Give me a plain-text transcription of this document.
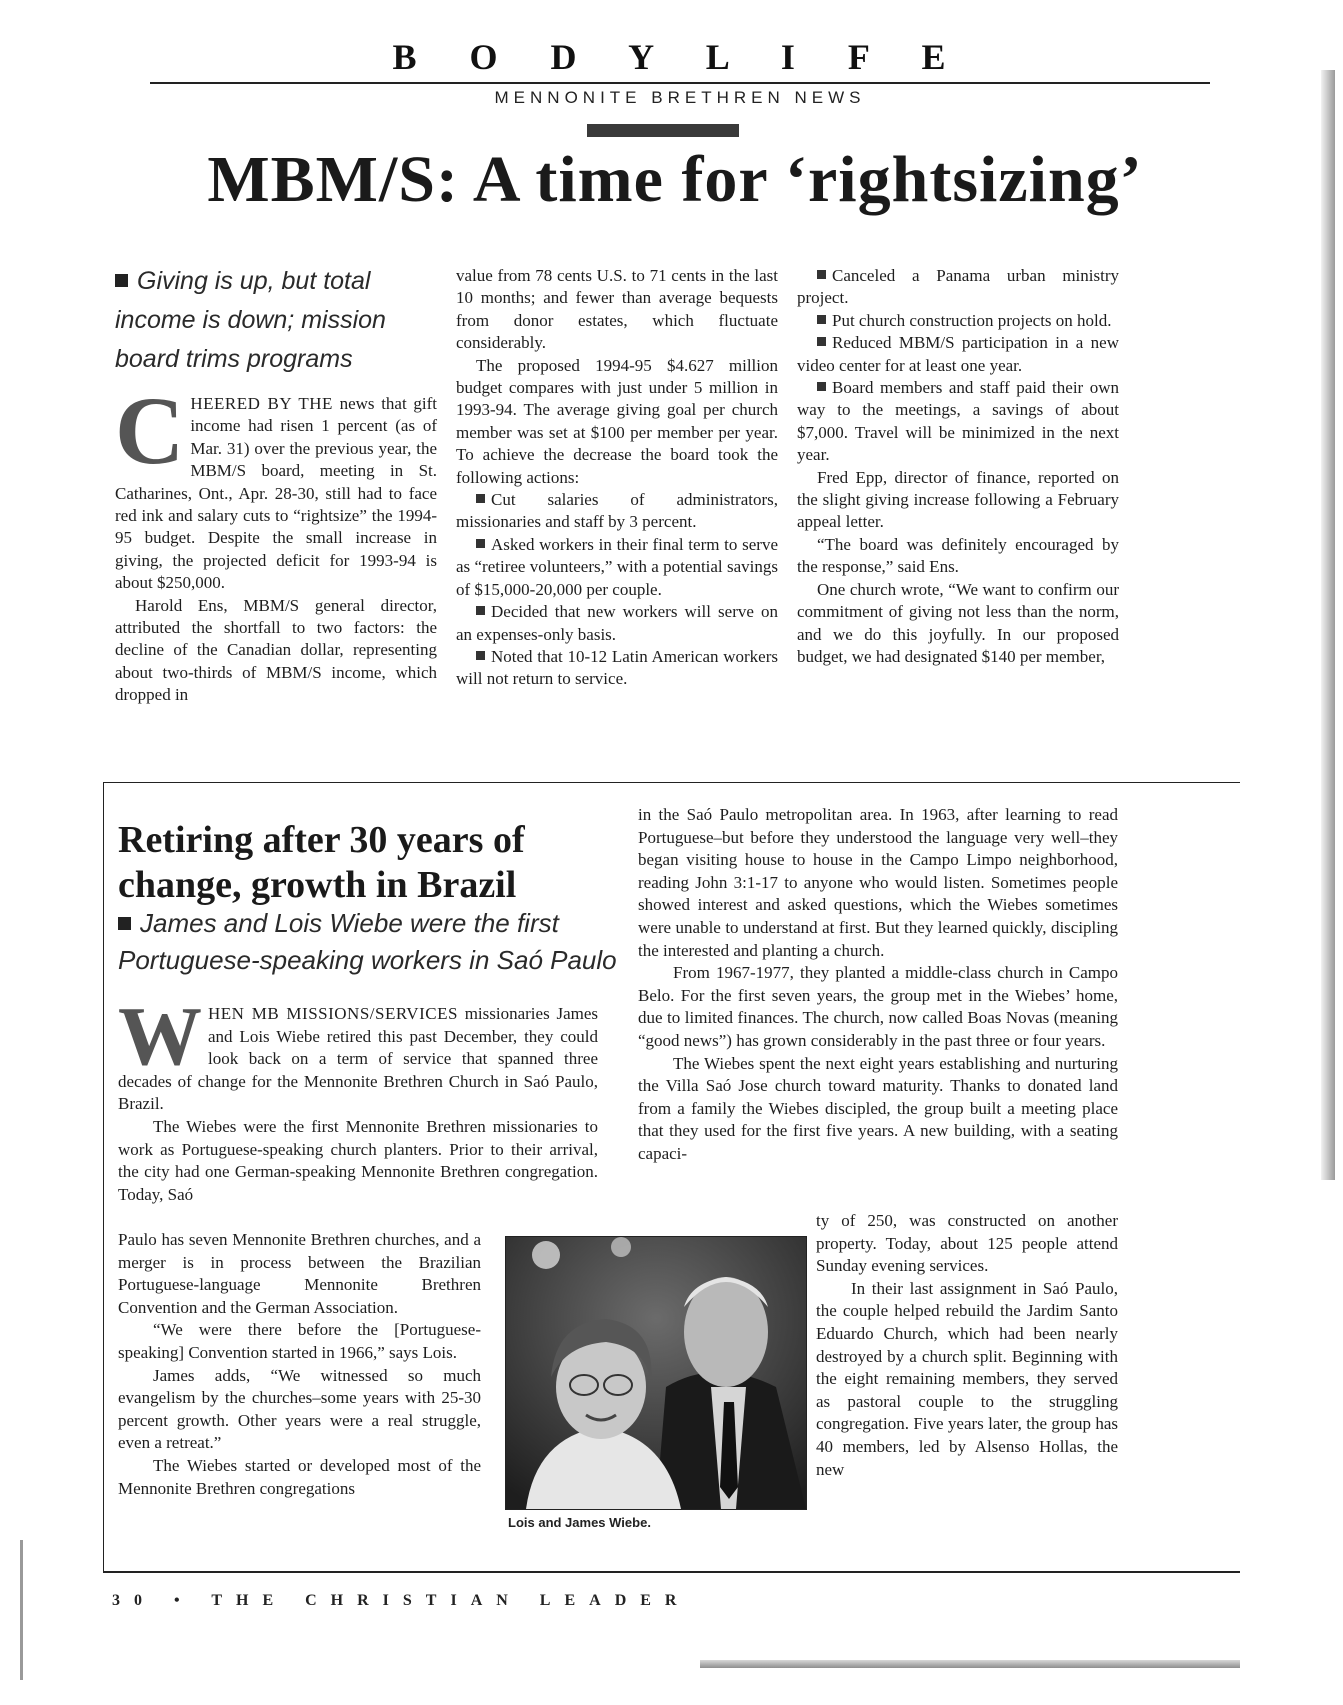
B O D Y L I F E
MENNONITE BRETHREN NEWS
MBM/S: A time for ‘rightsizing’
Giving is up, but total income is down; mission board trims programs

CHEERED BY THE news that gift income had risen 1 percent (as of Mar. 31) over the previous year, the MBM/S board, meeting in St. Catharines, Ont., Apr. 28-30, still had to face red ink and salary cuts to “rightsize” the 1994-95 budget. Despite the small increase in giving, the projected deficit for 1993-94 is about $250,000.

Harold Ens, MBM/S general director, attributed the shortfall to two factors: the decline of the Canadian dollar, representing about two-thirds of MBM/S income, which dropped in

value from 78 cents U.S. to 71 cents in the last 10 months; and fewer than average bequests from donor estates, which fluctuate considerably.

The proposed 1994-95 $4.627 million budget compares with just under 5 million in 1993-94. The average giving goal per church member was set at $100 per member per year. To achieve the decrease the board took the following actions:

Cut salaries of administrators, missionaries and staff by 3 percent.

Asked workers in their final term to serve as “retiree volunteers,” with a potential savings of $15,000-20,000 per couple.

Decided that new workers will serve on an expenses-only basis.

Noted that 10-12 Latin American workers will not return to service.

Canceled a Panama urban ministry project.

Put church construction projects on hold.

Reduced MBM/S participation in a new video center for at least one year.

Board members and staff paid their own way to the meetings, a savings of about $7,000. Travel will be minimized in the next year.

Fred Epp, director of finance, reported on the slight giving increase following a February appeal letter.

“The board was definitely encouraged by the response,” said Ens.

One church wrote, “We want to confirm our commitment of giving not less than the norm, and we do this joyfully. In our proposed budget, we had designated $140 per member,

Retiring after 30 years of change, growth in Brazil
James and Lois Wiebe were the first Portuguese-speaking workers in Saó Paulo

WHEN MB MISSIONS/SERVICES missionaries James and Lois Wiebe retired this past December, they could look back on a term of service that spanned three decades of change for the Mennonite Brethren Church in Saó Paulo, Brazil.

The Wiebes were the first Mennonite Brethren missionaries to work as Portuguese-speaking church planters. Prior to their arrival, the city had one German-speaking Mennonite Brethren congregation. Today, Saó

Paulo has seven Mennonite Brethren churches, and a merger is in process between the Brazilian Portuguese-language Mennonite Brethren Convention and the German Association.

“We were there before the [Portuguese-speaking] Convention started in 1966,” says Lois.

James adds, “We witnessed so much evangelism by the churches–some years with 25-30 percent growth. Other years were a real struggle, even a retreat.”

The Wiebes started or developed most of the Mennonite Brethren congregations

Lois and James Wiebe.

in the Saó Paulo metropolitan area. In 1963, after learning to read Portuguese–but before they understood the language very well–they began visiting house to house in the Campo Limpo neighborhood, reading John 3:1-17 to anyone who would listen. Sometimes people showed interest and asked questions, which the Wiebes sometimes were unable to understand at first. But they learned quickly, discipling the interested and planting a church.

From 1967-1977, they planted a middle-class church in Campo Belo. For the first seven years, the group met in the Wiebes’ home, due to limited finances. The church, now called Boas Novas (meaning “good news”) has grown considerably in the past three or four years.

The Wiebes spent the next eight years establishing and nurturing the Villa Saó Jose church toward maturity. Thanks to donated land from a family the Wiebes discipled, the group built a meeting place that they used for the first five years. A new building, with a seating capaci-

ty of 250, was constructed on another property. Today, about 125 people attend Sunday evening services.

In their last assignment in Saó Paulo, the couple helped rebuild the Jardim Santo Eduardo Church, which had been nearly destroyed by a church split. Beginning with the eight remaining members, they served as pastoral couple to the struggling congregation. Five years later, the group has 40 members, led by Alsenso Hollas, the new

30 • THE CHRISTIAN LEADER
